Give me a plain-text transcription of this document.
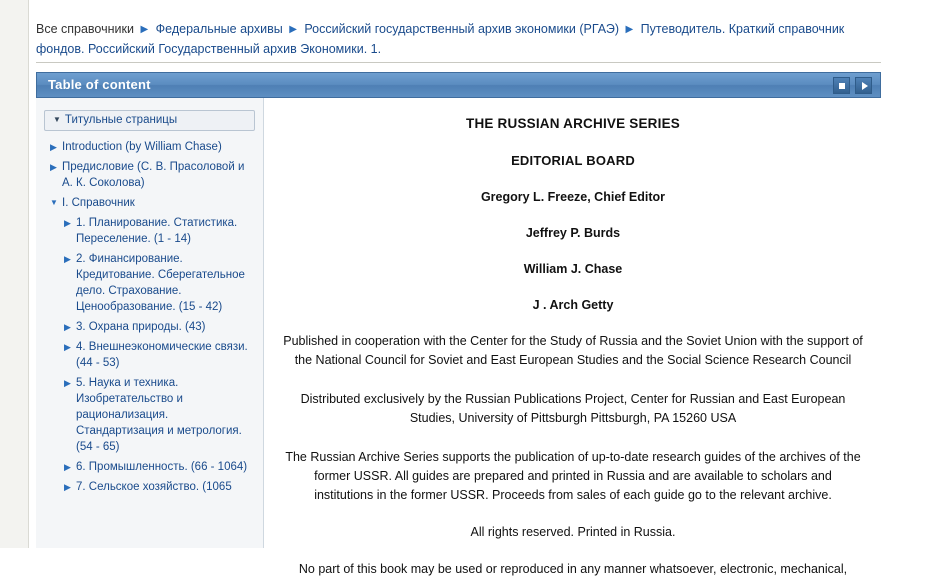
Все справочники ▶ Федеральные архивы ▶ Российский государственный архив экономики (РГАЭ) ▶ Путеводитель. Краткий справочник фондов. Российский Государственный архив Экономики. 1.
Table of content
▼ Титульные страницы
▶ Introduction (by William Chase)
▶ Предисловие (С. В. Прасоловой и А. К. Соколова)
▼ I. Справочник
▶ 1. Планирование. Статистика. Переселение. (1 - 14)
▶ 2. Финансирование. Кредитование. Сберегательное дело. Страхование. Ценообразование. (15 - 42)
▶ 3. Охрана природы. (43)
▶ 4. Внешнеэкономические связи. (44 - 53)
▶ 5. Наука и техника. Изобретательство и рационализация. Стандартизация и метрология. (54 - 65)
▶ 6. Промышленность. (66 - 1064)
▶ 7. Сельское хозяйство. (1065
THE RUSSIAN ARCHIVE SERIES
EDITORIAL BOARD
Gregory L. Freeze, Chief Editor
Jeffrey P. Burds
William J. Chase
J . Arch Getty

Published in cooperation with the Center for the Study of Russia and the Soviet Union with the support of the National Council for Soviet and East European Studies and the Social Science Research Council

Distributed exclusively by the Russian Publications Project, Center for Russian and East European Studies, University of Pittsburgh Pittsburgh, PA 15260 USA

The Russian Archive Series supports the publication of up-to-date research guides of the archives of the former USSR. All guides are prepared and printed in Russia and are available to scholars and institutions in the former USSR. Proceeds from sales of each guide go to the relevant archive.

All rights reserved. Printed in Russia.

No part of this book may be used or reproduced in any manner whatsoever, electronic, mechanical,
